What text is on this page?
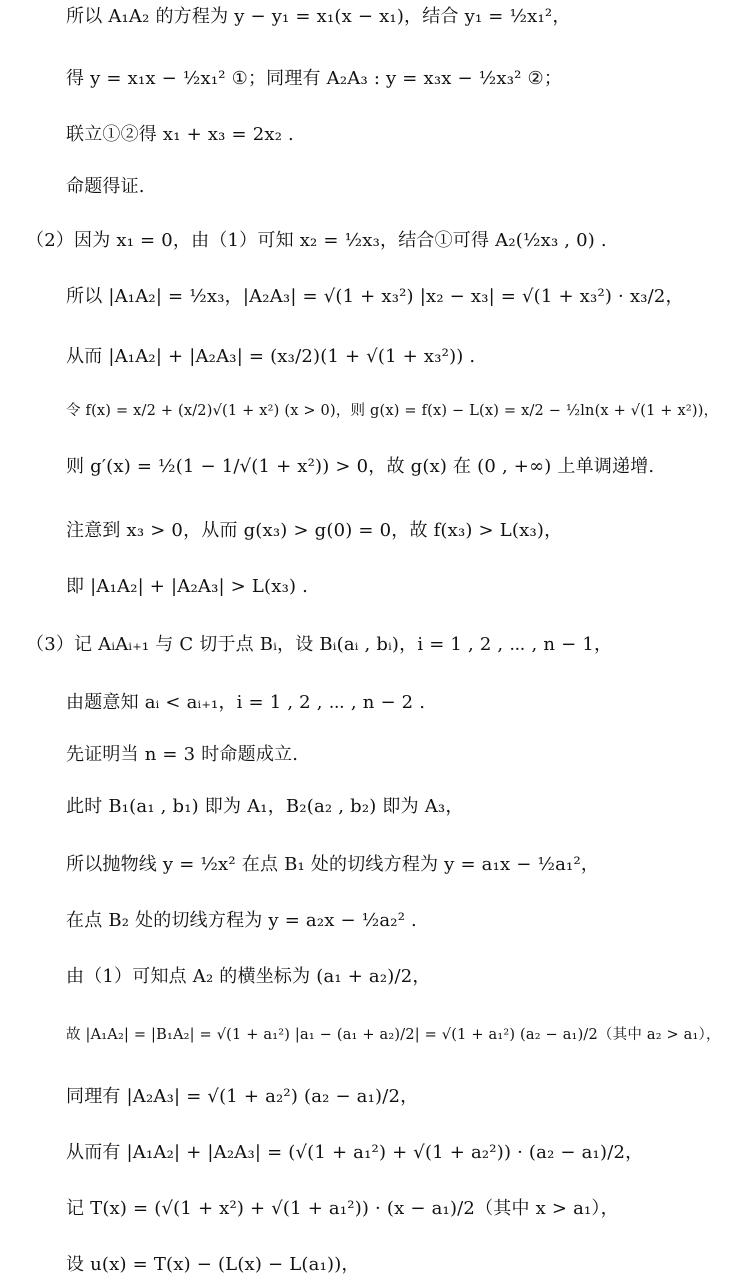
所以 A₁A₂ 的方程为 y − y₁ = x₁(x − x₁)，结合 y₁ = ½x₁²，
得 y = x₁x − ½x₁² ①；同理有 A₂A₃ : y = x₃x − ½x₃² ②；
联立①②得 x₁ + x₃ = 2x₂ .
命题得证.
（2）因为 x₁ = 0，由（1）可知 x₂ = ½x₃，结合①可得 A₂(½x₃ , 0) .
所以 |A₁A₂| = ½x₃，|A₂A₃| = √(1 + x₃²) |x₂ − x₃| = √(1 + x₃²) · x₃/2，
从而 |A₁A₂| + |A₂A₃| = (x₃/2)(1 + √(1 + x₃²)) .
令 f(x) = x/2 + (x/2)√(1 + x²) (x > 0)，则 g(x) = f(x) − L(x) = x/2 − ½ln(x + √(1 + x²))，
则 g′(x) = ½(1 − 1/√(1 + x²)) > 0，故 g(x) 在 (0 , +∞) 上单调递增.
注意到 x₃ > 0，从而 g(x₃) > g(0) = 0，故 f(x₃) > L(x₃)，
即 |A₁A₂| + |A₂A₃| > L(x₃) .
（3）记 AᵢAᵢ₊₁ 与 C 切于点 Bᵢ，设 Bᵢ(aᵢ , bᵢ)，i = 1 , 2 , ⋯ , n − 1，
由题意知 aᵢ < aᵢ₊₁，i = 1 , 2 , ⋯ , n − 2 .
先证明当 n = 3 时命题成立.
此时 B₁(a₁ , b₁) 即为 A₁，B₂(a₂ , b₂) 即为 A₃，
所以抛物线 y = ½x² 在点 B₁ 处的切线方程为 y = a₁x − ½a₁²，
在点 B₂ 处的切线方程为 y = a₂x − ½a₂² .
由（1）可知点 A₂ 的横坐标为 (a₁ + a₂)/2，
故 |A₁A₂| = |B₁A₂| = √(1 + a₁²) |a₁ − (a₁ + a₂)/2| = √(1 + a₁²) (a₂ − a₁)/2（其中 a₂ > a₁），
同理有 |A₂A₃| = √(1 + a₂²) (a₂ − a₁)/2，
从而有 |A₁A₂| + |A₂A₃| = (√(1 + a₁²) + √(1 + a₂²)) · (a₂ − a₁)/2，
记 T(x) = (√(1 + x²) + √(1 + a₁²)) · (x − a₁)/2（其中 x > a₁），
设 u(x) = T(x) − (L(x) − L(a₁))，
